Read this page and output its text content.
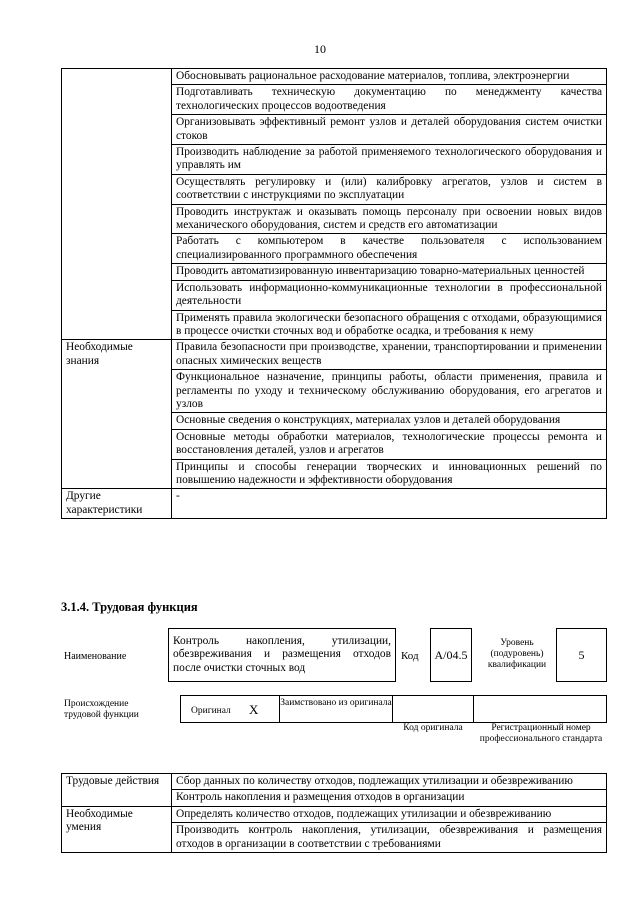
10
	Обосновывать рациональное расходование материалов, топлива, электроэнергии
	Подготавливать техническую документацию по менеджменту качества технологических процессов водоотведения
	Организовывать эффективный ремонт узлов и деталей оборудования систем очистки стоков
	Производить наблюдение за работой применяемого технологического оборудования и управлять им
	Осуществлять регулировку и (или) калибровку агрегатов, узлов и систем в соответствии с инструкциями по эксплуатации
	Проводить инструктаж и оказывать помощь персоналу при освоении новых видов механического оборудования, систем и средств его автоматизации
	Работать с компьютером в качестве пользователя с использованием специализированного программного обеспечения
	Проводить автоматизированную инвентаризацию товарно-материальных ценностей
	Использовать информационно-коммуникационные технологии в профессиональной деятельности
	Применять правила экологически безопасного обращения с отходами, образующимися в процессе очистки сточных вод и обработке осадка, и требования к нему
Необходимые знания	Правила безопасности при производстве, хранении, транспортировании и применении опасных химических веществ
	Функциональное назначение, принципы работы, области применения, правила и регламенты по уходу и техническому обслуживанию оборудования, его агрегатов и узлов
	Основные сведения о конструкциях, материалах узлов и деталей оборудования
	Основные методы обработки материалов, технологические процессы ремонта и восстановления деталей, узлов и агрегатов
	Принципы и способы генерации творческих и инновационных решений по повышению надежности и эффективности оборудования
Другие характеристики	-
3.1.4. Трудовая функция
Наименование
Контроль накопления, утилизации, обезвреживания и размещения отходов после очистки сточных вод
Код	A/04.5
Уровень (подуровень) квалификации
5
Происхождение трудовой функции	Оригинал X Заимствовано из оригинала
Код оригинала	Регистрационный номер профессионального стандарта
Трудовые действия	Сбор данных по количеству отходов, подлежащих утилизации и обезвреживанию
	Контроль накопления и размещения отходов в организации
Необходимые умения	Определять количество отходов, подлежащих утилизации и обезвреживанию
	Производить контроль накопления, утилизации, обезвреживания и размещения отходов в организации в соответствии с требованиями
